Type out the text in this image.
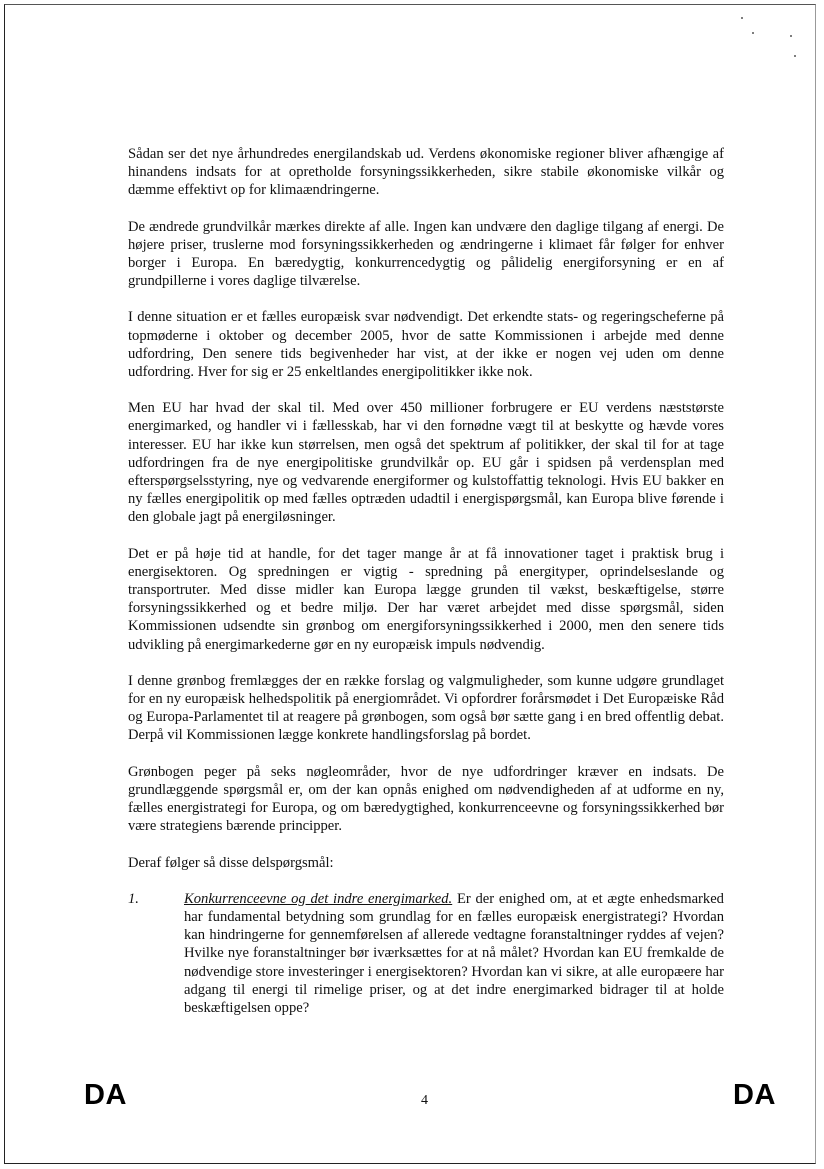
Sådan ser det nye århundredes energilandskab ud. Verdens økonomiske regioner bliver afhængige af hinandens indsats for at opretholde forsyningssikkerheden, sikre stabile økonomiske vilkår og dæmme effektivt op for klimaændringerne.

De ændrede grundvilkår mærkes direkte af alle. Ingen kan undvære den daglige tilgang af energi. De højere priser, truslerne mod forsyningssikkerheden og ændringerne i klimaet får følger for enhver borger i Europa. En bæredygtig, konkurrencedygtig og pålidelig energiforsyning er en af grundpillerne i vores daglige tilværelse.

I denne situation er et fælles europæisk svar nødvendigt. Det erkendte stats- og regeringscheferne på topmøderne i oktober og december 2005, hvor de satte Kommissionen i arbejde med denne udfordring, Den senere tids begivenheder har vist, at der ikke er nogen vej uden om denne udfordring. Hver for sig er 25 enkeltlandes energipolitikker ikke nok.

Men EU har hvad der skal til. Med over 450 millioner forbrugere er EU verdens næststørste energimarked, og handler vi i fællesskab, har vi den fornødne vægt til at beskytte og hævde vores interesser. EU har ikke kun størrelsen, men også det spektrum af politikker, der skal til for at tage udfordringen fra de nye energipolitiske grundvilkår op. EU går i spidsen på verdensplan med efterspørgselsstyring, nye og vedvarende energiformer og kulstoffattig teknologi. Hvis EU bakker en ny fælles energipolitik op med fælles optræden udadtil i energispørgsmål, kan Europa blive førende i den globale jagt på energiløsninger.

Det er på høje tid at handle, for det tager mange år at få innovationer taget i praktisk brug i energisektoren. Og spredningen er vigtig - spredning på energityper, oprindelseslande og transportruter. Med disse midler kan Europa lægge grunden til vækst, beskæftigelse, større forsyningssikkerhed og et bedre miljø. Der har været arbejdet med disse spørgsmål, siden Kommissionen udsendte sin grønbog om energiforsyningssikkerhed i 2000, men den senere tids udvikling på energimarkederne gør en ny europæisk impuls nødvendig.

I denne grønbog fremlægges der en række forslag og valgmuligheder, som kunne udgøre grundlaget for en ny europæisk helhedspolitik på energiområdet. Vi opfordrer forårsmødet i Det Europæiske Råd og Europa-Parlamentet til at reagere på grønbogen, som også bør sætte gang i en bred offentlig debat. Derpå vil Kommissionen lægge konkrete handlingsforslag på bordet.

Grønbogen peger på seks nøgleområder, hvor de nye udfordringer kræver en indsats. De grundlæggende spørgsmål er, om der kan opnås enighed om nødvendigheden af at udforme en ny, fælles energistrategi for Europa, og om bæredygtighed, konkurrenceevne og forsyningssikkerhed bør være strategiens bærende principper.

Deraf følger så disse delspørgsmål:

1.	Konkurrenceevne og det indre energimarked. Er der enighed om, at et ægte enhedsmarked har fundamental betydning som grundlag for en fælles europæisk energistrategi? Hvordan kan hindringerne for gennemførelsen af allerede vedtagne foranstaltninger ryddes af vejen? Hvilke nye foranstaltninger bør iværksættes for at nå målet? Hvordan kan EU fremkalde de nødvendige store investeringer i energisektoren? Hvordan kan vi sikre, at alle europæere har adgang til energi til rimelige priser, og at det indre energimarked bidrager til at holde beskæftigelsen oppe?
DA	4	DA
